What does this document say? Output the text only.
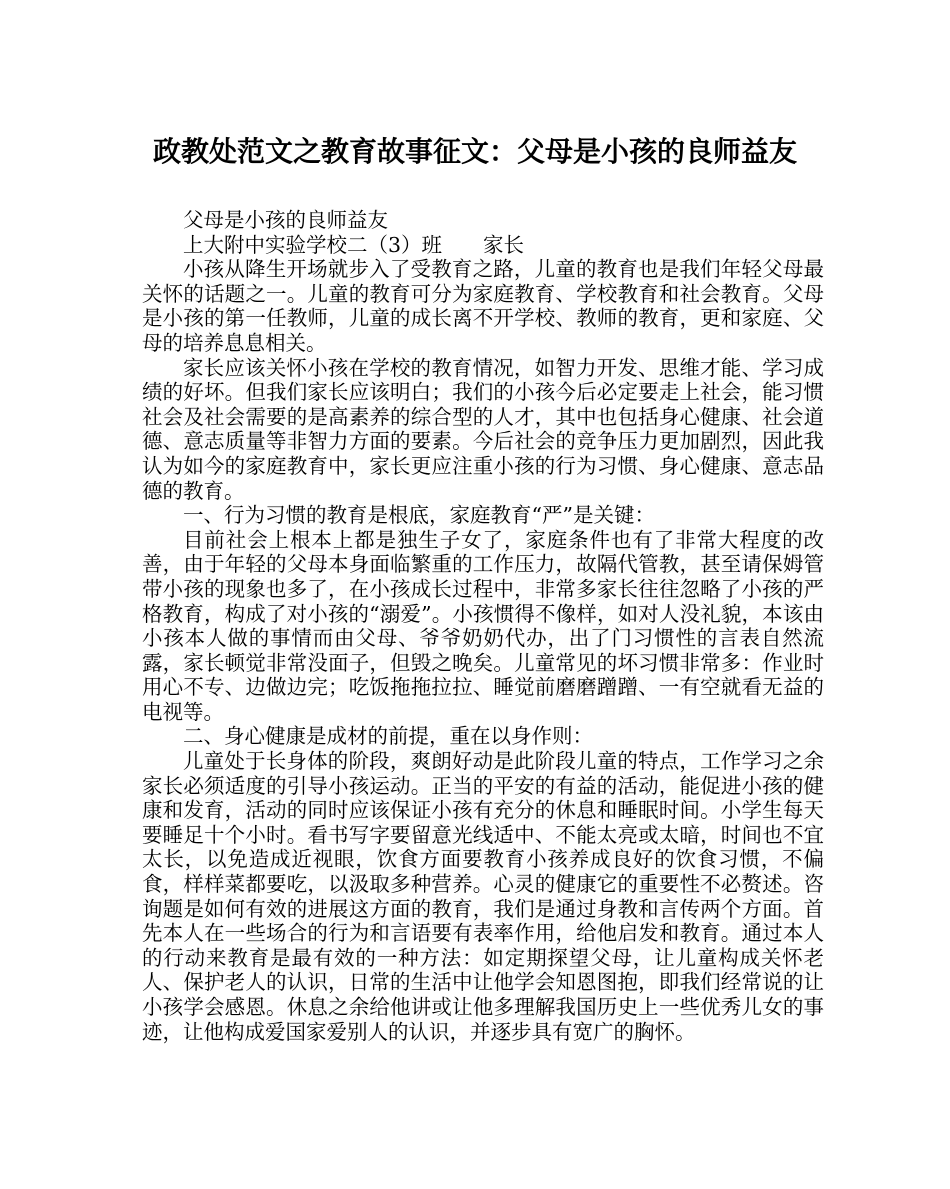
政教处范文之教育故事征文：父母是小孩的良师益友

父母是小孩的良师益友

上大附中实验学校二（3）班　　家长

小孩从降生开场就步入了受教育之路，儿童的教育也是我们年轻父母最关怀的话题之一。儿童的教育可分为家庭教育、学校教育和社会教育。父母是小孩的第一任教师，儿童的成长离不开学校、教师的教育，更和家庭、父母的培养息息相关。

家长应该关怀小孩在学校的教育情况，如智力开发、思维才能、学习成绩的好坏。但我们家长应该明白；我们的小孩今后必定要走上社会，能习惯社会及社会需要的是高素养的综合型的人才，其中也包括身心健康、社会道德、意志质量等非智力方面的要素。今后社会的竞争压力更加剧烈，因此我认为如今的家庭教育中，家长更应注重小孩的行为习惯、身心健康、意志品德的教育。

一、行为习惯的教育是根底，家庭教育“严”是关键：

目前社会上根本上都是独生子女了，家庭条件也有了非常大程度的改善，由于年轻的父母本身面临繁重的工作压力，故隔代管教，甚至请保姆管带小孩的现象也多了，在小孩成长过程中，非常多家长往往忽略了小孩的严格教育，构成了对小孩的“溺爱”。小孩惯得不像样，如对人没礼貌，本该由小孩本人做的事情而由父母、爷爷奶奶代办，出了门习惯性的言表自然流露，家长顿觉非常没面子，但毁之晚矣。儿童常见的坏习惯非常多：作业时用心不专、边做边完；吃饭拖拖拉拉、睡觉前磨磨蹭蹭、一有空就看无益的电视等。

二、身心健康是成材的前提，重在以身作则：

儿童处于长身体的阶段，爽朗好动是此阶段儿童的特点，工作学习之余家长必须适度的引导小孩运动。正当的平安的有益的活动，能促进小孩的健康和发育，活动的同时应该保证小孩有充分的休息和睡眠时间。小学生每天要睡足十个小时。看书写字要留意光线适中、不能太亮或太暗，时间也不宜太长，以免造成近视眼，饮食方面要教育小孩养成良好的饮食习惯，不偏食，样样菜都要吃，以汲取多种营养。心灵的健康它的重要性不必赘述。咨询题是如何有效的进展这方面的教育，我们是通过身教和言传两个方面。首先本人在一些场合的行为和言语要有表率作用，给他启发和教育。通过本人的行动来教育是最有效的一种方法：如定期探望父母，让儿童构成关怀老人、保护老人的认识，日常的生活中让他学会知恩图抱，即我们经常说的让小孩学会感恩。休息之余给他讲或让他多理解我国历史上一些优秀儿女的事迹，让他构成爱国家爱别人的认识，并逐步具有宽广的胸怀。
